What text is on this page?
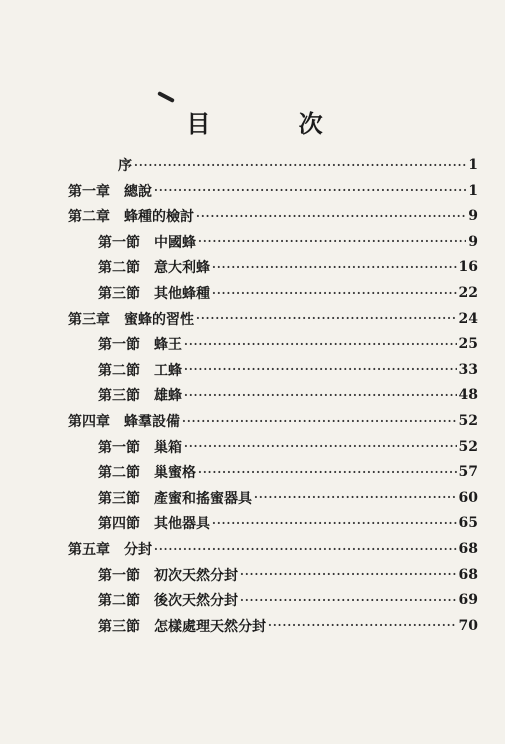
目 次
序 ·····	1
第一章 總說 ·····	1
第二章 蜂種的檢討 ·····	9
第一節 中國蜂 ·····	9
第二節 意大利蜂 ·····	16
第三節 其他蜂種 ·····	22
第三章 蜜蜂的習性 ·····	24
第一節 蜂王 ·····	25
第二節 工蜂 ·····	33
第三節 雄蜂 ·····	48
第四章 蜂羣設備 ·····	52
第一節 巢箱 ·····	52
第二節 巢蜜格 ·····	57
第三節 產蜜和搖蜜器具 ·····	60
第四節 其他器具 ·····	65
第五章 分封 ·····	68
第一節 初次天然分封 ·····	68
第二節 後次天然分封 ·····	69
第三節 怎樣處理天然分封 ·····	70
